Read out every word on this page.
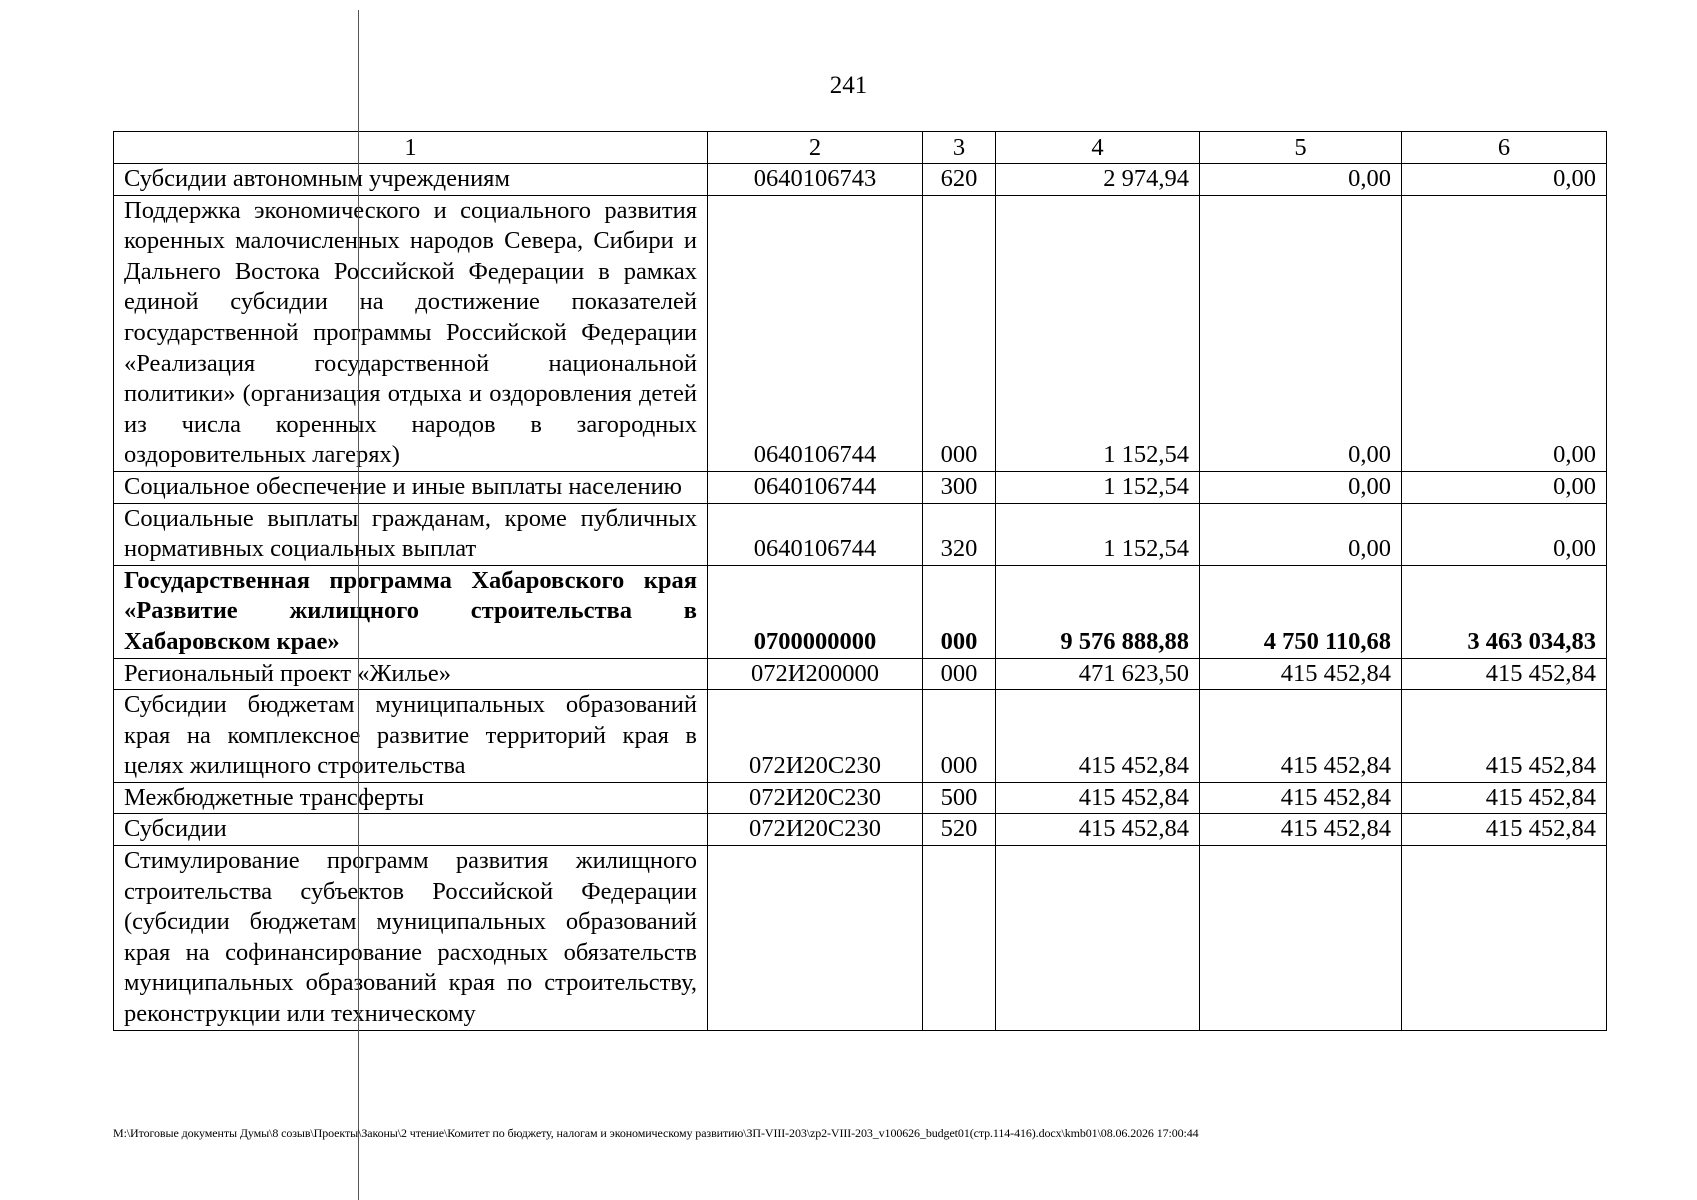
241
1	2	3	4	5	6
Субсидии автономным учреждениям	0640106743	620	2 974,94	0,00	0,00
Поддержка экономического и социального развития коренных малочисленных народов Севера, Сибири и Дальнего Востока Российской Федерации в рамках единой субсидии на достижение показателей государственной программы Российской Федерации «Реализация государственной национальной политики» (организация отдыха и оздоровления детей из числа коренных народов в загородных оздоровительных лагерях)	0640106744	000	1 152,54	0,00	0,00
Социальное обеспечение и иные выплаты населению	0640106744	300	1 152,54	0,00	0,00
Социальные выплаты гражданам, кроме публичных нормативных социальных выплат	0640106744	320	1 152,54	0,00	0,00
Государственная программа Хабаровского края «Развитие жилищного строительства в Хабаровском крае»	0700000000	000	9 576 888,88	4 750 110,68	3 463 034,83
Региональный проект «Жилье»	072И200000	000	471 623,50	415 452,84	415 452,84
Субсидии бюджетам муниципальных образований края на комплексное развитие территорий края в целях жилищного строительства	072И20С230	000	415 452,84	415 452,84	415 452,84
Межбюджетные трансферты	072И20С230	500	415 452,84	415 452,84	415 452,84
Субсидии	072И20С230	520	415 452,84	415 452,84	415 452,84
Стимулирование программ развития жилищного строительства субъектов Российской Федерации (субсидии бюджетам муниципальных образований края на софинансирование расходных обязательств муниципальных образований края по строительству, реконструкции или техническому					
M:\Итоговые документы Думы\8 созыв\Проекты\Законы\2 чтение\Комитет по бюджету, налогам и экономическому развитию\ЗП-VIII-203\zp2-VIII-203_v100626_budget01(стр.114-416).docx\kmb01\08.06.2026 17:00:44
